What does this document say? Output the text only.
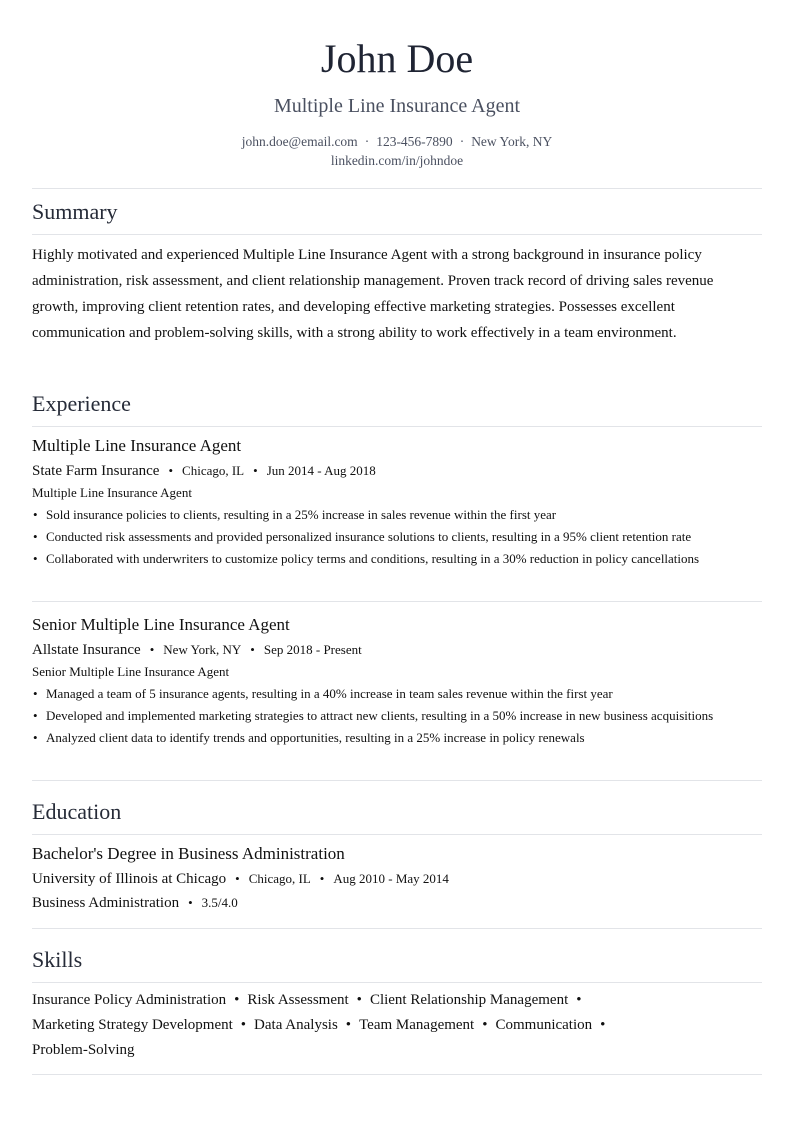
John Doe
Multiple Line Insurance Agent
john.doe@email.com · 123-456-7890 · New York, NY
linkedin.com/in/johndoe
Summary

Highly motivated and experienced Multiple Line Insurance Agent with a strong background in insurance policy administration, risk assessment, and client relationship management. Proven track record of driving sales revenue growth, improving client retention rates, and developing effective marketing strategies. Possesses excellent communication and problem-solving skills, with a strong ability to work effectively in a team environment.

Experience
Multiple Line Insurance Agent
State Farm Insurance • Chicago, IL • Jun 2014 - Aug 2018
Multiple Line Insurance Agent
• Sold insurance policies to clients, resulting in a 25% increase in sales revenue within the first year
• Conducted risk assessments and provided personalized insurance solutions to clients, resulting in a 95% client retention rate
• Collaborated with underwriters to customize policy terms and conditions, resulting in a 30% reduction in policy cancellations
Senior Multiple Line Insurance Agent
Allstate Insurance • New York, NY • Sep 2018 - Present
Senior Multiple Line Insurance Agent
• Managed a team of 5 insurance agents, resulting in a 40% increase in team sales revenue within the first year
• Developed and implemented marketing strategies to attract new clients, resulting in a 50% increase in new business acquisitions
• Analyzed client data to identify trends and opportunities, resulting in a 25% increase in policy renewals
Education
Bachelor's Degree in Business Administration
University of Illinois at Chicago • Chicago, IL • Aug 2010 - May 2014
Business Administration • 3.5/4.0
Skills
Insurance Policy Administration • Risk Assessment • Client Relationship Management •
Marketing Strategy Development • Data Analysis • Team Management • Communication •
Problem-Solving
